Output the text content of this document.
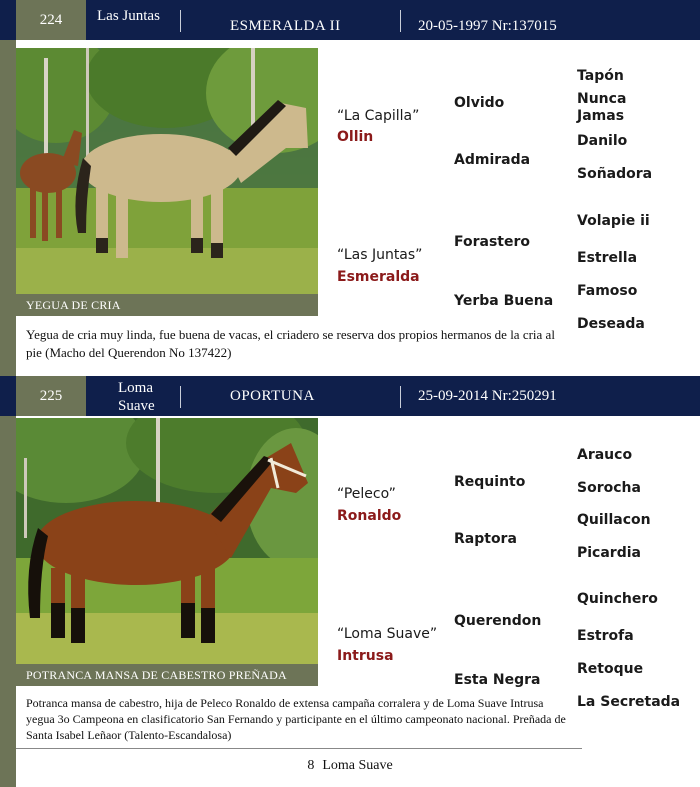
224	Las Juntas
ESMERALDA II	20-05-1997 Nr:137015
YEGUA DE CRIA
“La Capilla”
Ollin
“Las Juntas”
Esmeralda
Olvido
Admirada
Forastero
Yerba Buena
Tapón
Nunca Jamas
Danilo
Soñadora
Volapie ii
Estrella
Famoso
Deseada
Yegua de cria muy linda, fue buena de vacas, el criadero se reserva dos propios hermanos de la cria al pie (Macho del Querendon No 137422)
225	Loma Suave
OPORTUNA	25-09-2014 Nr:250291
POTRANCA MANSA DE CABESTRO PREÑADA
“Peleco”
Ronaldo
“Loma Suave”
Intrusa
Requinto
Raptora
Querendon
Esta Negra
Arauco
Sorocha
Quillacon
Picardia
Quinchero
Estrofa
Retoque
La Secretada
Potranca mansa de cabestro, hija de Peleco Ronaldo de extensa campaña corralera y de Loma Suave Intrusa yegua 3o Campeona en clasificatorio San Fernando y participante en el último campeonato nacional. Preñada de Santa Isabel Leñaor (Talento-Escandalosa)
8 Loma Suave
